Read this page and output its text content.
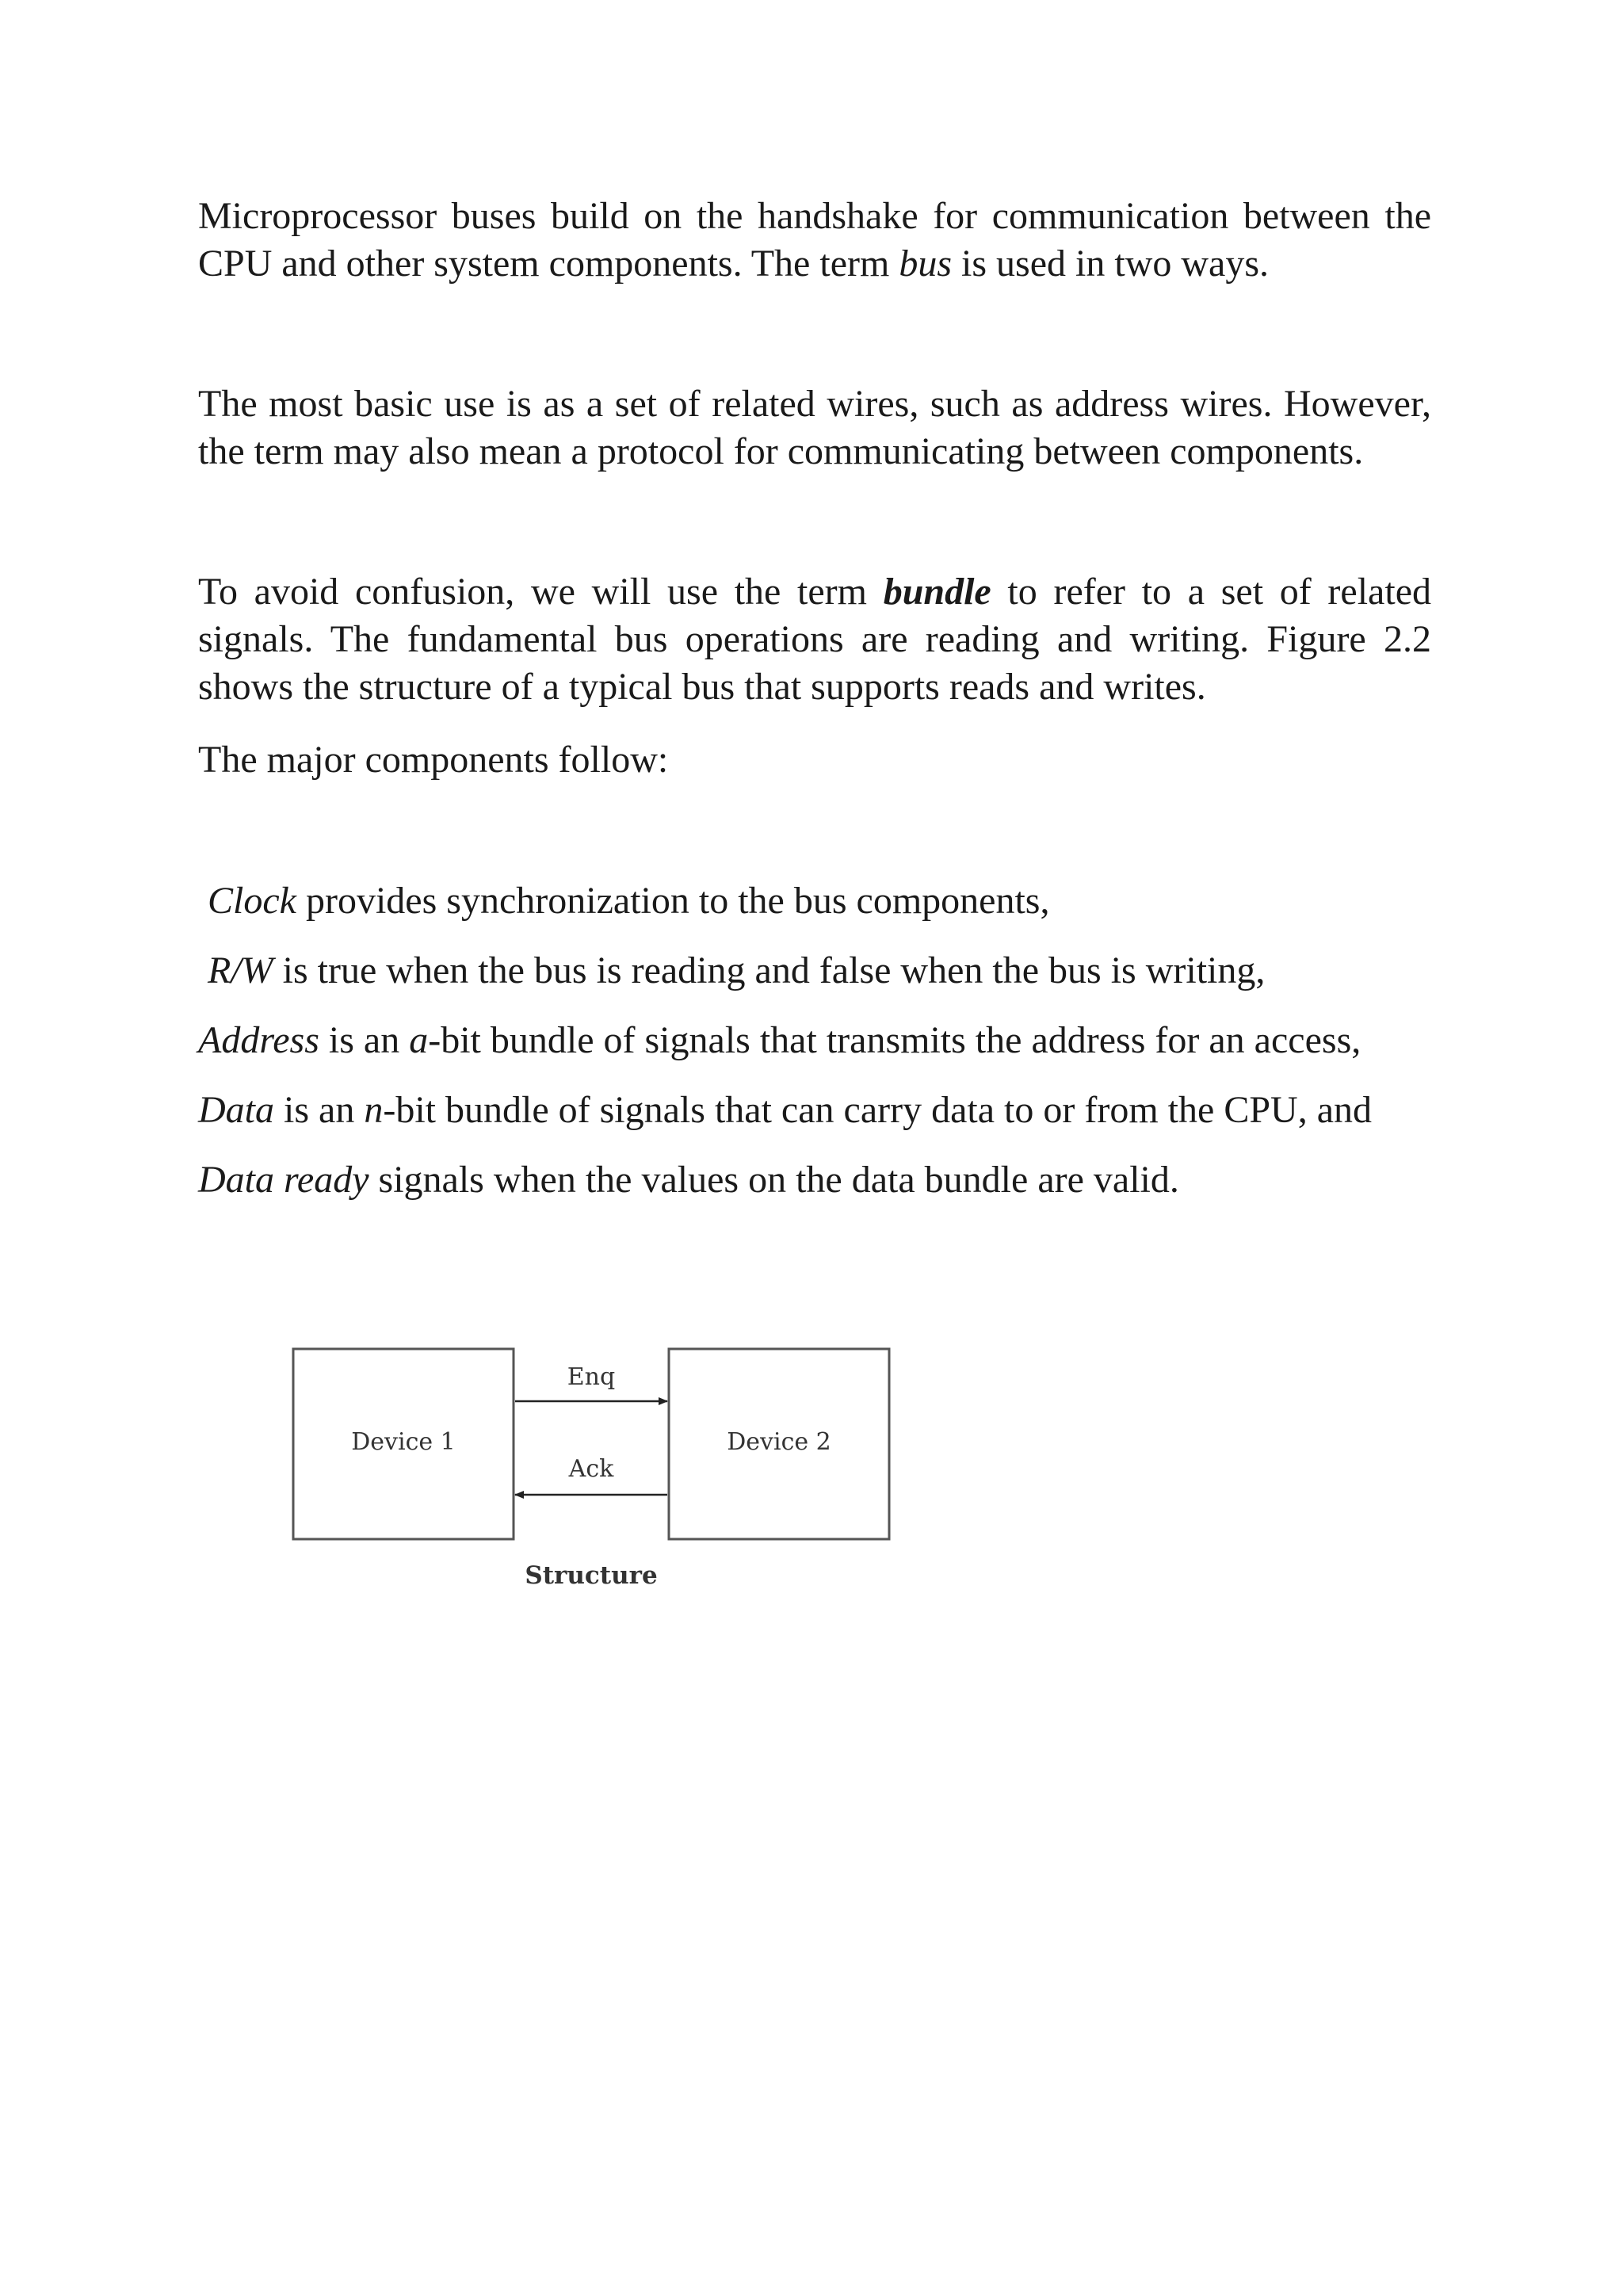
Microprocessor buses build on the handshake for communication between the
CPU and other system components. The term bus is used in two ways.

The most basic use is as a set of related wires, such as address wires. However,
the term may also mean a protocol for communicating between components.

To avoid confusion, we will use the term bundle to refer to a set of related
signals. The fundamental bus operations are reading and writing. Figure 2.2
shows the structure of a typical bus that supports reads and writes.

The major components follow:

Clock provides synchronization to the bus components,

R/W is true when the bus is reading and false when the bus is writing,

Address is an a-bit bundle of signals that transmits the address for an access,

Data is an n-bit bundle of signals that can carry data to or from the CPU, and

Data ready signals when the values on the data bundle are valid.

Device 1	Device 2
Enq
Ack
Structure
